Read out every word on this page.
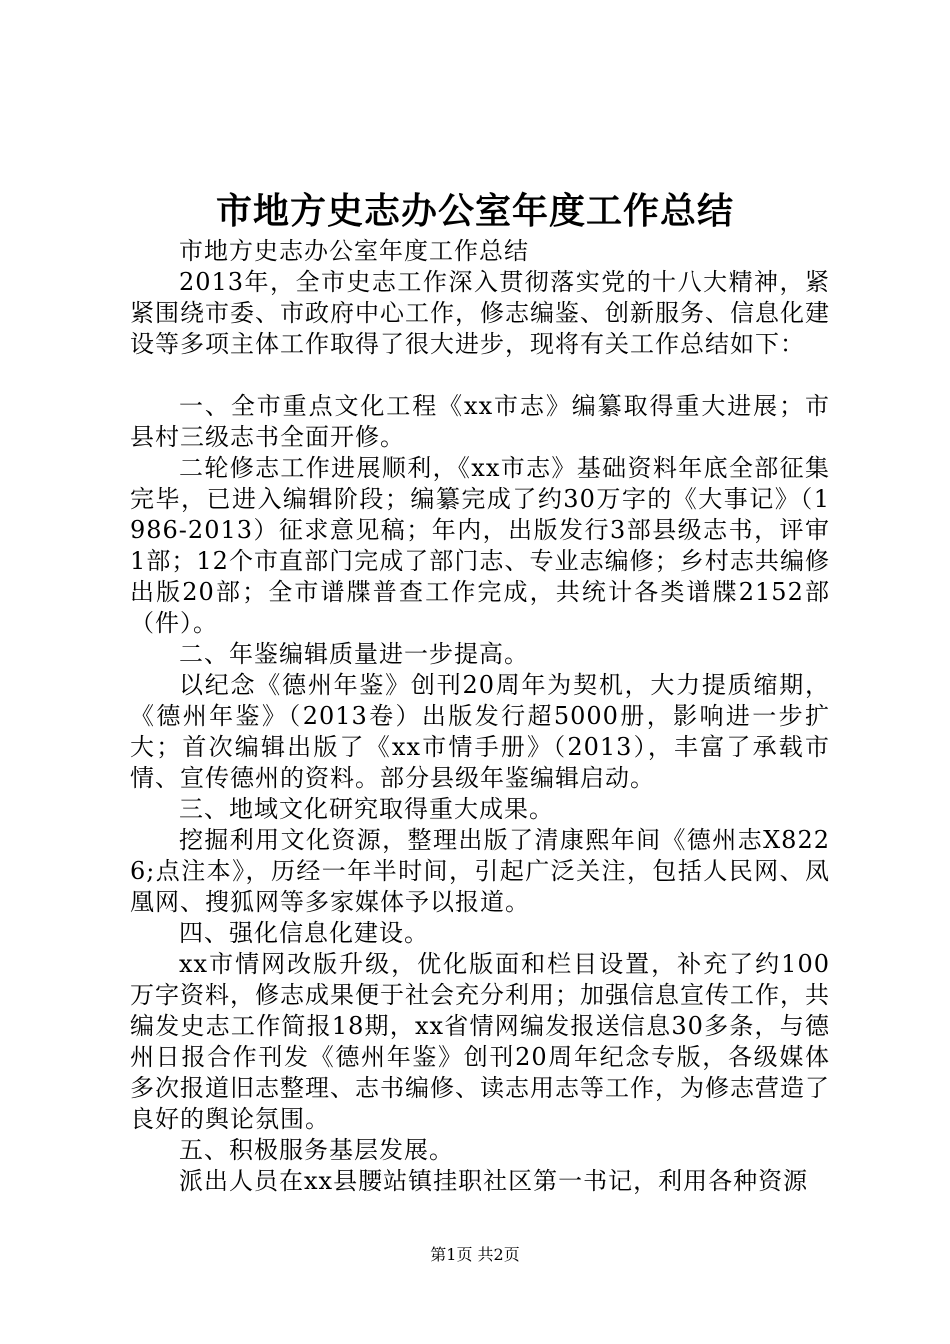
市地方史志办公室年度工作总结

市地方史志办公室年度工作总结

2013年，全市史志工作深入贯彻落实党的十八大精神，紧紧围绕市委、市政府中心工作，修志编鉴、创新服务、信息化建设等多项主体工作取得了很大进步，现将有关工作总结如下：

一、全市重点文化工程《xx市志》编纂取得重大进展；市县村三级志书全面开修。

二轮修志工作进展顺利，《xx市志》基础资料年底全部征集完毕，已进入编辑阶段；编纂完成了约30万字的《大事记》（1986-2013）征求意见稿；年内，出版发行3部县级志书，评审1部；12个市直部门完成了部门志、专业志编修；乡村志共编修出版20部；全市谱牒普查工作完成，共统计各类谱牒2152部（件）。

二、年鉴编辑质量进一步提高。

以纪念《德州年鉴》创刊20周年为契机，大力提质缩期，《德州年鉴》（2013卷）出版发行超5000册，影响进一步扩大；首次编辑出版了《xx市情手册》（2013），丰富了承载市情、宣传德州的资料。部分县级年鉴编辑启动。

三、地域文化研究取得重大成果。

挖掘利用文化资源，整理出版了清康熙年间《德州志X8226;点注本》，历经一年半时间，引起广泛关注，包括人民网、凤凰网、搜狐网等多家媒体予以报道。

四、强化信息化建设。

xx市情网改版升级，优化版面和栏目设置，补充了约100万字资料，修志成果便于社会充分利用；加强信息宣传工作，共编发史志工作简报18期，xx省情网编发报送信息30多条，与德州日报合作刊发《德州年鉴》创刊20周年纪念专版，各级媒体多次报道旧志整理、志书编修、读志用志等工作，为修志营造了良好的舆论氛围。

五、积极服务基层发展。

派出人员在xx县腰站镇挂职社区第一书记，利用各种资源

第1页 共2页
